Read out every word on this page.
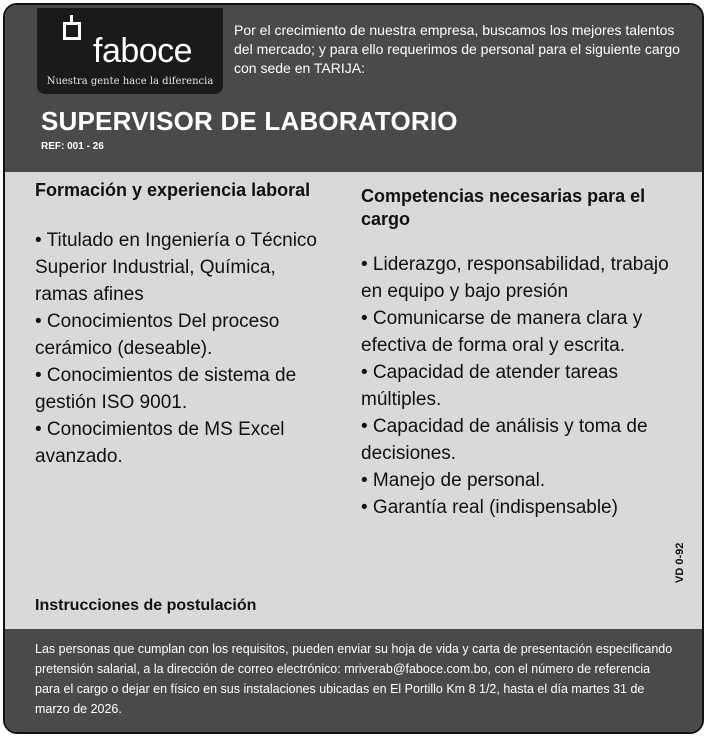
faboce
Nuestra gente hace la diferencia
Por el crecimiento de nuestra empresa, buscamos los mejores talentos del mercado; y para ello requerimos de personal para el siguiente cargo con sede en TARIJA:
SUPERVISOR DE LABORATORIO
REF: 001 - 26
Formación y experiencia laboral
• Titulado en Ingeniería o Técnico Superior Industrial, Química, ramas afines
• Conocimientos Del proceso cerámico (deseable).
• Conocimientos de sistema de gestión ISO 9001.
• Conocimientos de MS Excel avanzado.
Competencias necesarias para el cargo
• Liderazgo, responsabilidad, trabajo en equipo y bajo presión
• Comunicarse de manera clara y efectiva de forma oral y escrita.
• Capacidad de atender tareas múltiples.
• Capacidad de análisis y toma de decisiones.
• Manejo de personal.
• Garantía real (indispensable)
Instrucciones de postulación
VD 0-92

Las personas que cumplan con los requisitos, pueden enviar su hoja de vida y carta de presentación especificando pretensión salarial, a la dirección de correo electrónico: mriverab@faboce.com.bo, con el número de referencia para el cargo o dejar en físico en sus instalaciones ubicadas en El Portillo Km 8 1/2, hasta el día martes 31 de marzo de 2026.
